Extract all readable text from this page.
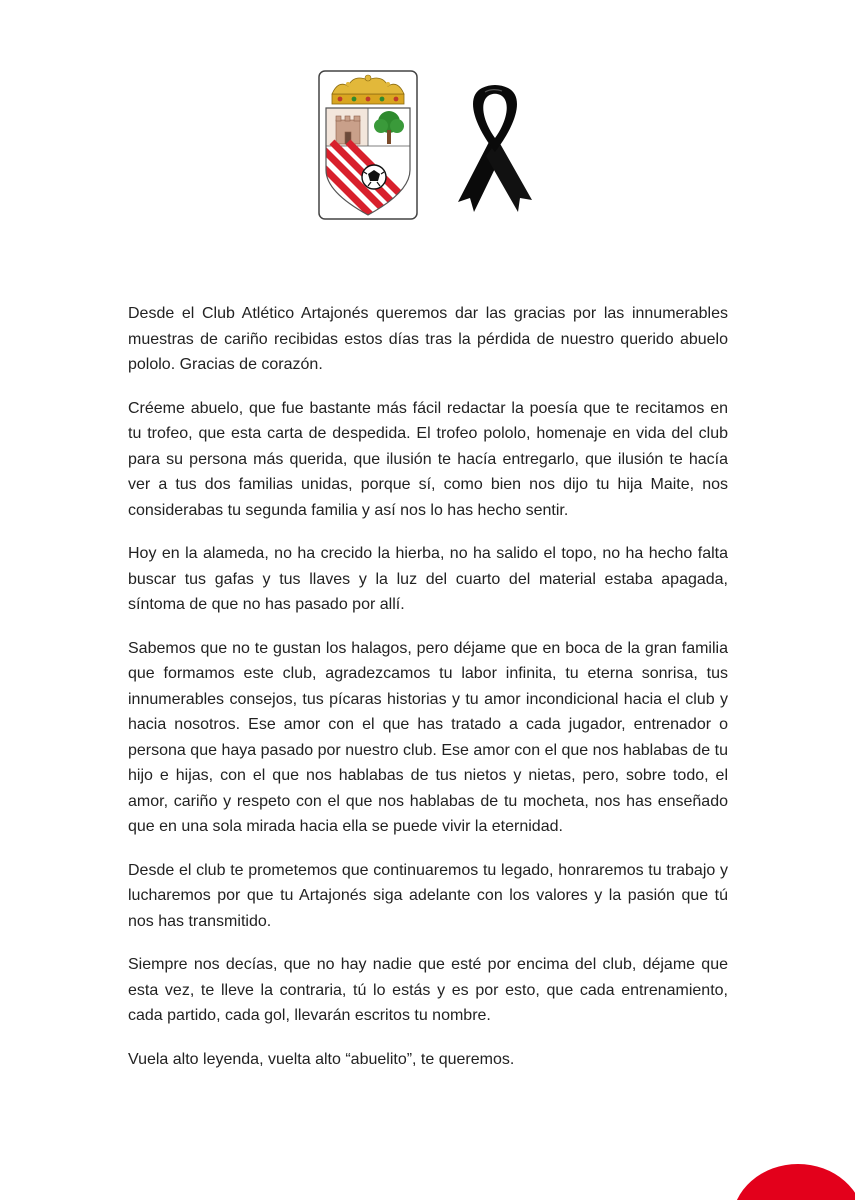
Desde el Club Atlético Artajonés queremos dar las gracias por las innumerables muestras de cariño recibidas estos días tras la pérdida de nuestro querido abuelo pololo. Gracias de corazón.

Créeme abuelo, que fue bastante más fácil redactar la poesía que te recitamos en tu trofeo, que esta carta de despedida. El trofeo pololo, homenaje en vida del club para su persona más querida, que ilusión te hacía entregarlo, que ilusión te hacía ver a tus dos familias unidas, porque sí, como bien nos dijo tu hija Maite, nos considerabas tu segunda familia y así nos lo has hecho sentir.

Hoy en la alameda, no ha crecido la hierba, no ha salido el topo, no ha hecho falta buscar tus gafas y tus llaves y la luz del cuarto del material estaba apagada, síntoma de que no has pasado por allí.

Sabemos que no te gustan los halagos, pero déjame que en boca de la gran familia que formamos este club, agradezcamos tu labor infinita, tu eterna sonrisa, tus innumerables consejos, tus pícaras historias y tu amor incondicional hacia el club y hacia nosotros. Ese amor con el que has tratado a cada jugador, entrenador o persona que haya pasado por nuestro club. Ese amor con el que nos hablabas de tu hijo e hijas, con el que nos hablabas de tus nietos y nietas, pero, sobre todo, el amor, cariño y respeto con el que nos hablabas de tu mocheta, nos has enseñado que en una sola mirada hacia ella se puede vivir la eternidad.

Desde el club te prometemos que continuaremos tu legado, honraremos tu trabajo y lucharemos por que tu Artajonés siga adelante con los valores y la pasión que tú nos has transmitido.

Siempre nos decías, que no hay nadie que esté por encima del club, déjame que esta vez, te lleve la contraria, tú lo estás y es por esto, que cada entrenamiento, cada partido, cada gol, llevarán escritos tu nombre.

Vuela alto leyenda, vuelta alto “abuelito”, te queremos.
